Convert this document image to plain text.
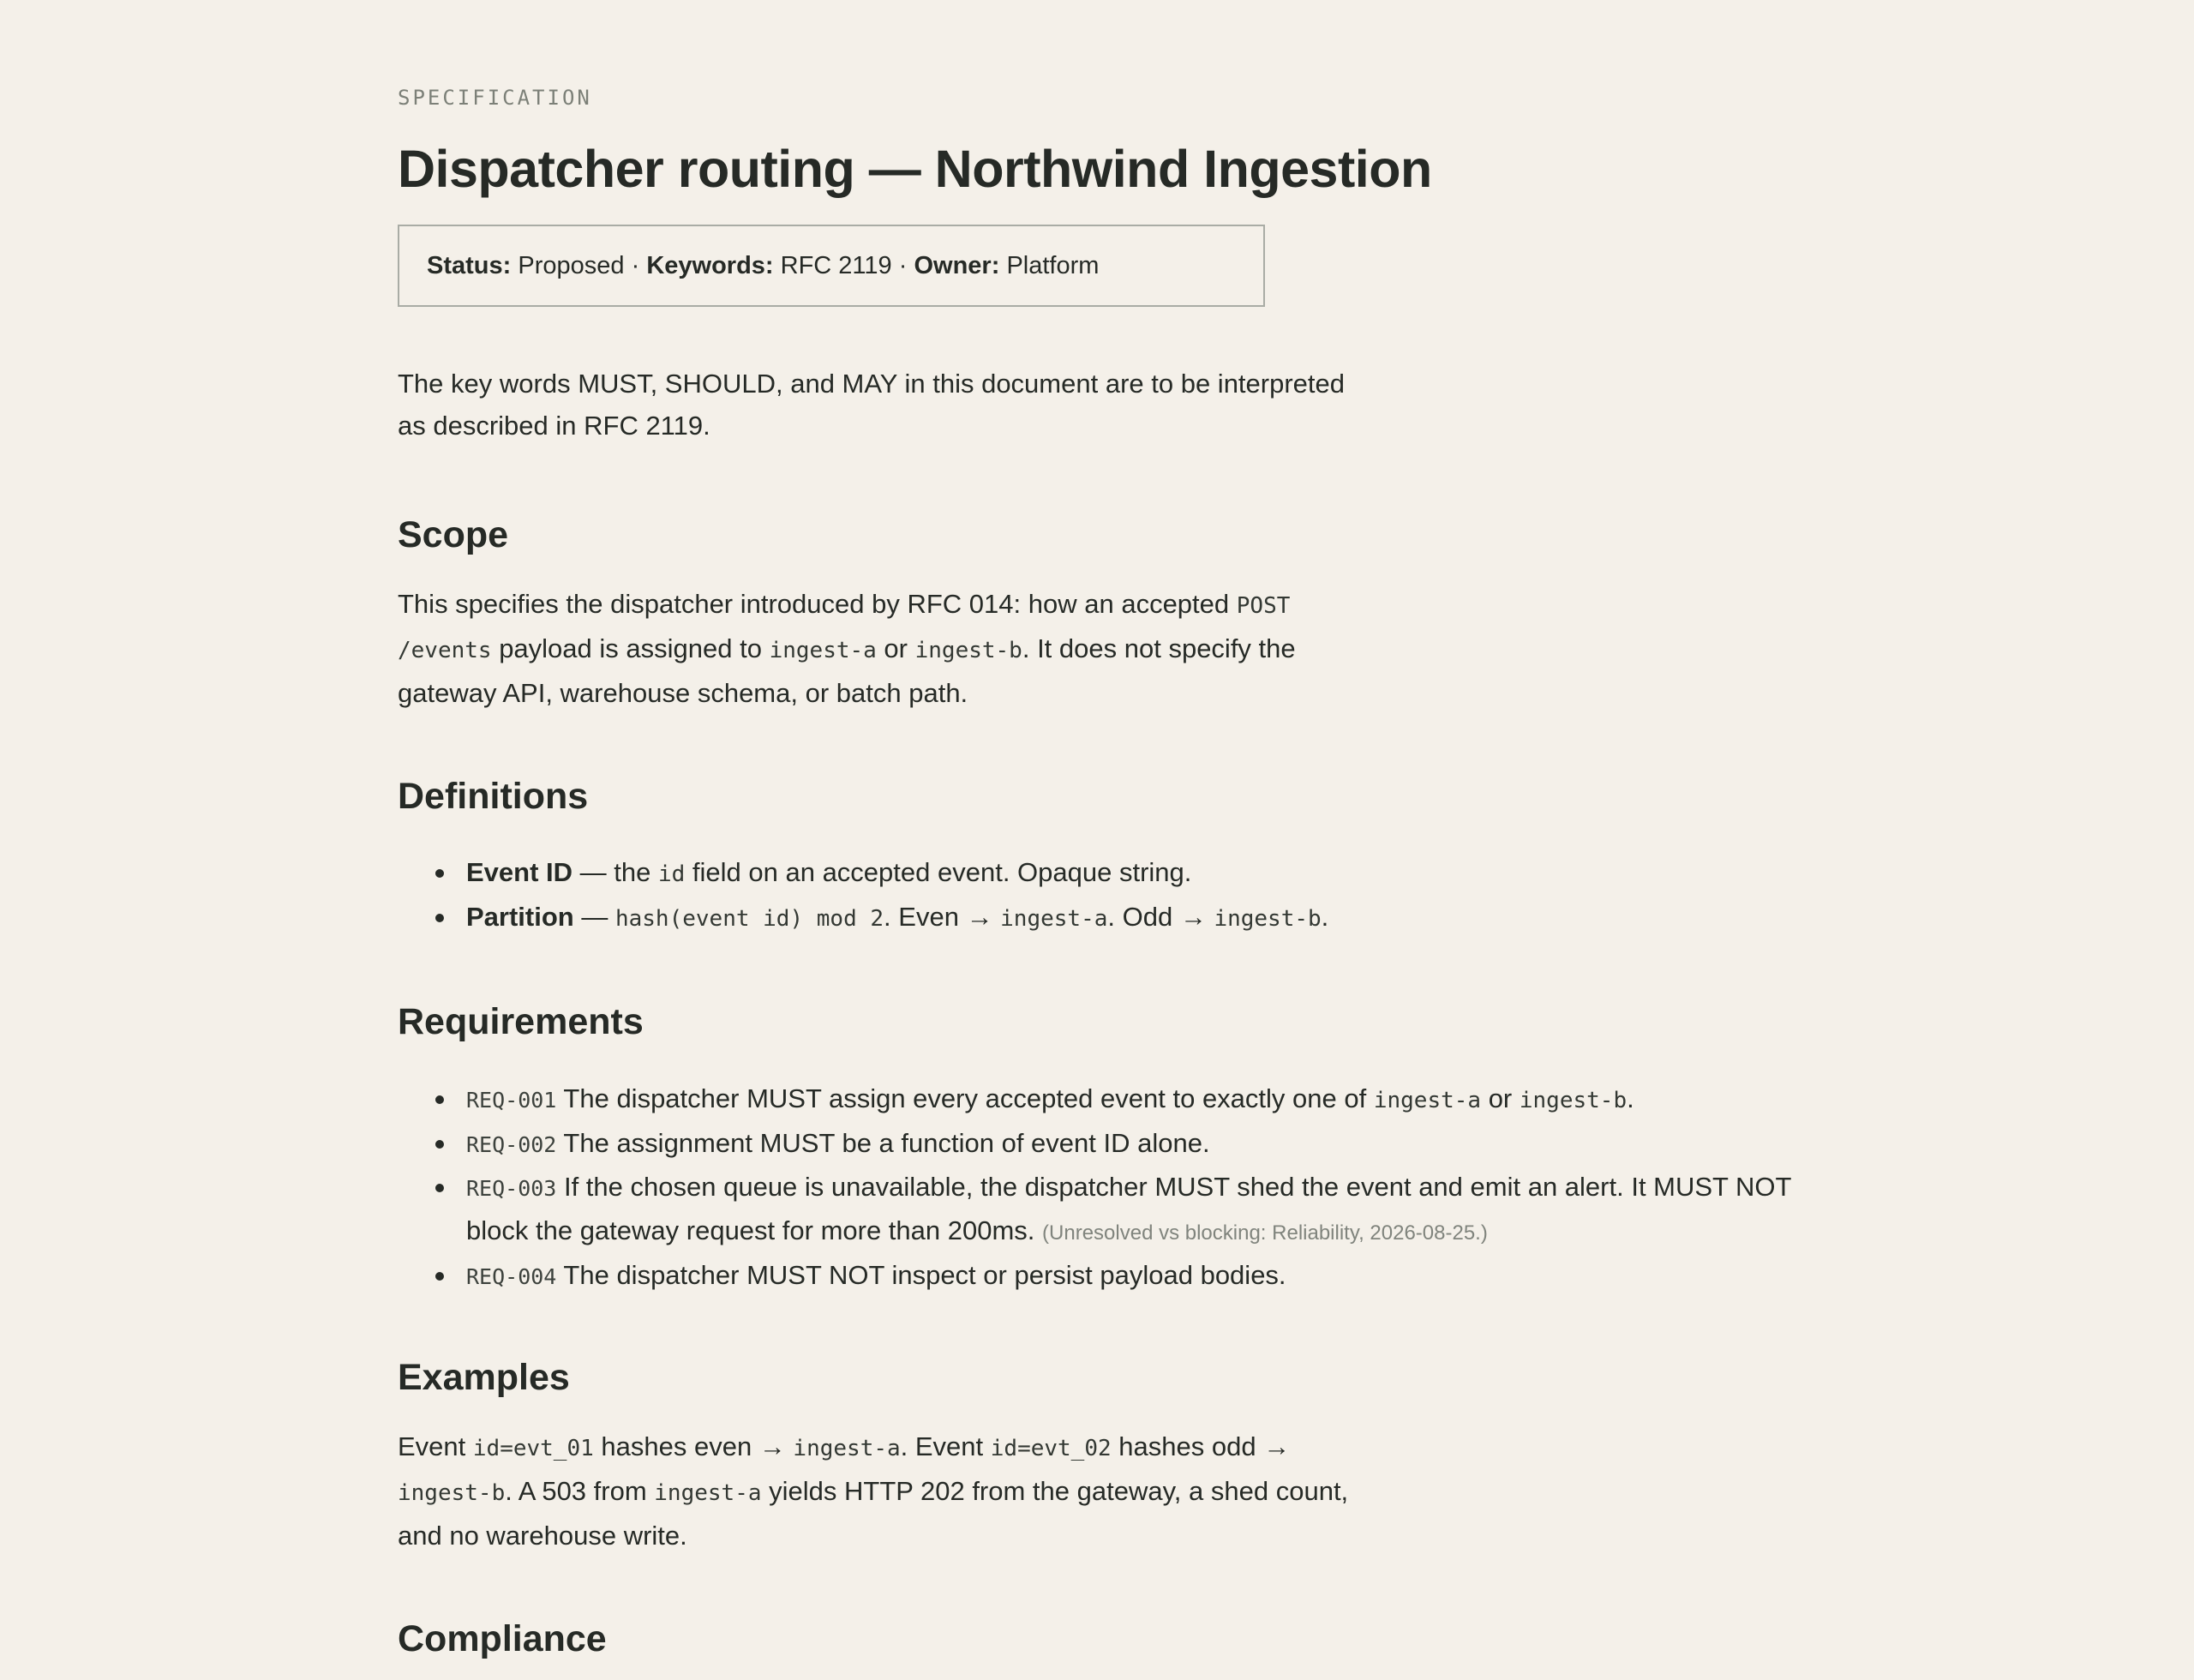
SPECIFICATION
Dispatcher routing — Northwind Ingestion
Status: Proposed · Keywords: RFC 2119 · Owner: Platform

The key words MUST, SHOULD, and MAY in this document are to be interpreted as described in RFC 2119.

Scope

This specifies the dispatcher introduced by RFC 014: how an accepted POST /events payload is assigned to ingest-a or ingest-b. It does not specify the gateway API, warehouse schema, or batch path.

Definitions
Event ID — the id field on an accepted event. Opaque string.
Partition — hash(event id) mod 2. Even → ingest-a. Odd → ingest-b.
Requirements
REQ-001 The dispatcher MUST assign every accepted event to exactly one of ingest-a or ingest-b.
REQ-002 The assignment MUST be a function of event ID alone.
REQ-003 If the chosen queue is unavailable, the dispatcher MUST shed the event and emit an alert. It MUST NOT block the gateway request for more than 200ms. (Unresolved vs blocking: Reliability, 2026-08-25.)
REQ-004 The dispatcher MUST NOT inspect or persist payload bodies.
Examples

Event id=evt_01 hashes even → ingest-a. Event id=evt_02 hashes odd → ingest-b. A 503 from ingest-a yields HTTP 202 from the gateway, a shed count, and no warehouse write.

Compliance
